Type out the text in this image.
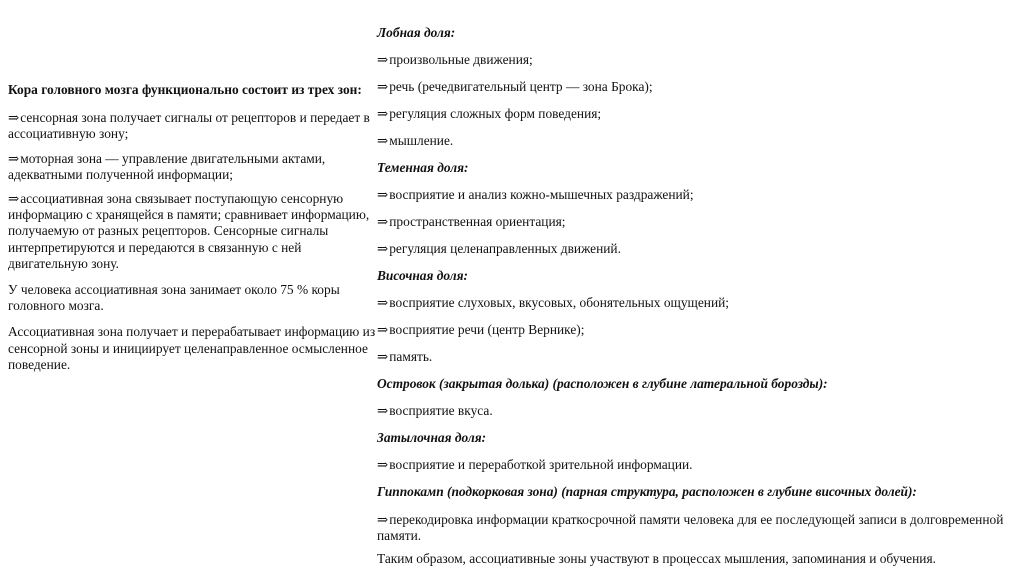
Кора головного мозга функционально состоит из трех зон:
⇒сенсорная зона получает сигналы от рецепторов и передает в ассоциативную зону;
⇒моторная зона — управление двигательными актами, адекватными полученной информации;
⇒ассоциативная зона связывает поступающую сенсорную информацию с хранящейся в памяти; сравнивает информацию, получаемую от разных рецепторов. Сенсорные сигналы интерпретируются и передаются в связанную с ней двигательную зону.
У человека ассоциативная зона занимает около 75 % коры головного мозга.
Ассоциативная зона получает и перерабатывает информацию из сенсорной зоны и инициирует целенаправленное осмысленное поведение.
Лобная доля:
⇒ произвольные движения;
⇒ речь (речедвигательный центр — зона Брока);
⇒ регуляция сложных форм поведения;
⇒ мышление.
Теменная доля:
⇒ восприятие и анализ кожно-мышечных раздражений;
⇒ пространственная ориентация;
⇒ регуляция целенаправленных движений.
Височная доля:
⇒ восприятие слуховых, вкусовых, обонятельных ощущений;
⇒ восприятие речи (центр Вернике);
⇒ память.
Островок (закрытая долька) (расположен в глубине латеральной борозды):
⇒ восприятие вкуса.
Затылочная доля:
⇒ восприятие и переработкой зрительной информации.
Гиппокамп (подкорковая зона) (парная структура, расположен в глубине височных долей):
⇒перекодировка информации краткосрочной памяти человека для ее последующей записи в долговременной памяти.
Таким образом, ассоциативные зоны участвуют в процессах мышления, запоминания и обучения.
